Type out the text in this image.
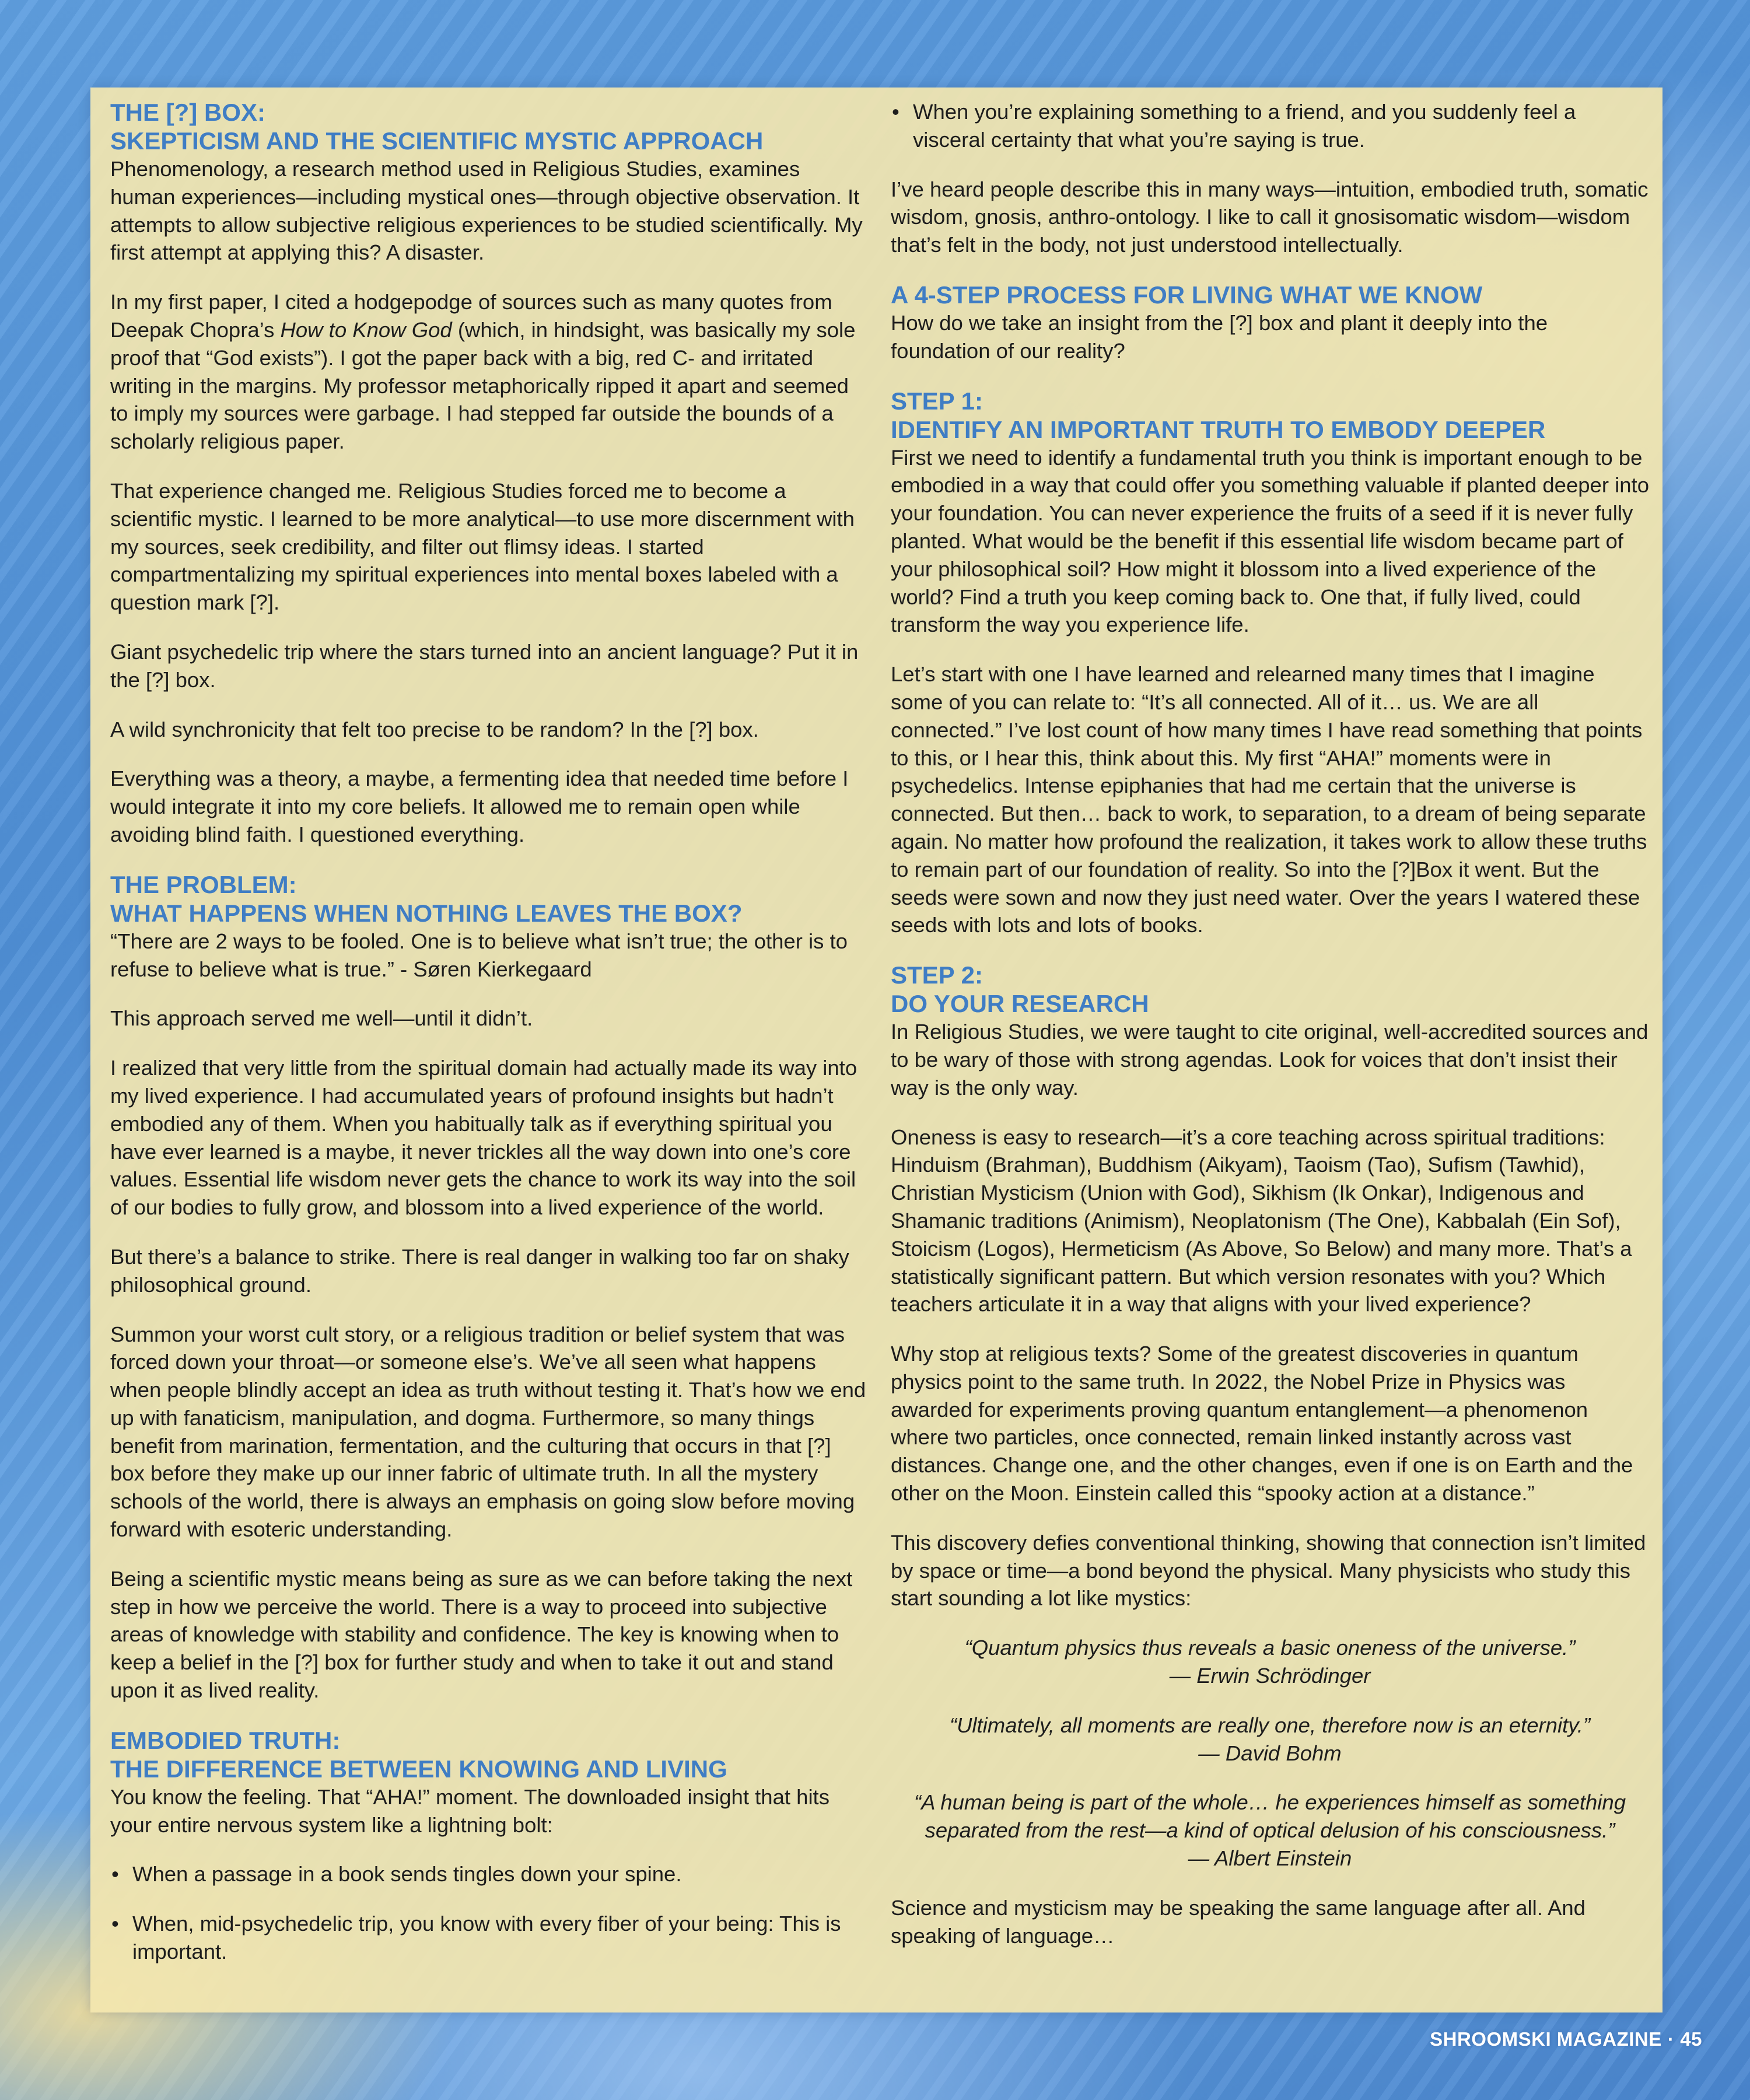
THE [?] BOX:
SKEPTICISM AND THE SCIENTIFIC MYSTIC APPROACH

Phenomenology, a research method used in Religious Studies, examines human experiences—including mystical ones—through objective observation. It attempts to allow subjective religious experiences to be studied scientifically. My first attempt at applying this? A disaster.

In my first paper, I cited a hodgepodge of sources such as many quotes from Deepak Chopra’s How to Know God (which, in hindsight, was basically my sole proof that “God exists”). I got the paper back with a big, red C- and irritated writing in the margins. My professor metaphorically ripped it apart and seemed to imply my sources were garbage. I had stepped far outside the bounds of a scholarly religious paper.

That experience changed me. Religious Studies forced me to become a scientific mystic. I learned to be more analytical—to use more discernment with my sources, seek credibility, and filter out flimsy ideas. I started compartmentalizing my spiritual experiences into mental boxes labeled with a question mark [?].

Giant psychedelic trip where the stars turned into an ancient language? Put it in the [?] box.

A wild synchronicity that felt too precise to be random? In the [?] box.

Everything was a theory, a maybe, a fermenting idea that needed time before I would integrate it into my core beliefs. It allowed me to remain open while avoiding blind faith. I questioned everything.

THE PROBLEM:
WHAT HAPPENS WHEN NOTHING LEAVES THE BOX?

“There are 2 ways to be fooled. One is to believe what isn’t true; the other is to refuse to believe what is true.” - Søren Kierkegaard

This approach served me well—until it didn’t.

I realized that very little from the spiritual domain had actually made its way into my lived experience. I had accumulated years of profound insights but hadn’t embodied any of them. When you habitually talk as if everything spiritual you have ever learned is a maybe, it never trickles all the way down into one’s core values. Essential life wisdom never gets the chance to work its way into the soil of our bodies to fully grow, and blossom into a lived experience of the world.

But there’s a balance to strike. There is real danger in walking too far on shaky philosophical ground.

Summon your worst cult story, or a religious tradition or belief system that was forced down your throat—or someone else’s. We’ve all seen what happens when people blindly accept an idea as truth without testing it. That’s how we end up with fanaticism, manipulation, and dogma. Furthermore, so many things benefit from marination, fermentation, and the culturing that occurs in that [?] box before they make up our inner fabric of ultimate truth. In all the mystery schools of the world, there is always an emphasis on going slow before moving forward with esoteric understanding.

Being a scientific mystic means being as sure as we can before taking the next step in how we perceive the world. There is a way to proceed into subjective areas of knowledge with stability and confidence. The key is knowing when to keep a belief in the [?] box for further study and when to take it out and stand upon it as lived reality.

EMBODIED TRUTH:
THE DIFFERENCE BETWEEN KNOWING AND LIVING

You know the feeling. That “AHA!” moment. The downloaded insight that hits your entire nervous system like a lightning bolt:

• When a passage in a book sends tingles down your spine.
• When, mid-psychedelic trip, you know with every fiber of your being: This is important.
• When you’re explaining something to a friend, and you suddenly feel a visceral certainty that what you’re saying is true.

I’ve heard people describe this in many ways—intuition, embodied truth, somatic wisdom, gnosis, anthro-ontology. I like to call it gnosisomatic wisdom—wisdom that’s felt in the body, not just understood intellectually.

A 4-STEP PROCESS FOR LIVING WHAT WE KNOW

How do we take an insight from the [?] box and plant it deeply into the foundation of our reality?

STEP 1:
IDENTIFY AN IMPORTANT TRUTH TO EMBODY DEEPER

First we need to identify a fundamental truth you think is important enough to be embodied in a way that could offer you something valuable if planted deeper into your foundation. You can never experience the fruits of a seed if it is never fully planted. What would be the benefit if this essential life wisdom became part of your philosophical soil? How might it blossom into a lived experience of the world? Find a truth you keep coming back to. One that, if fully lived, could transform the way you experience life.

Let’s start with one I have learned and relearned many times that I imagine some of you can relate to: “It’s all connected. All of it… us. We are all connected.” I’ve lost count of how many times I have read something that points to this, or I hear this, think about this. My first “AHA!” moments were in psychedelics. Intense epiphanies that had me certain that the universe is connected. But then… back to work, to separation, to a dream of being separate again. No matter how profound the realization, it takes work to allow these truths to remain part of our foundation of reality. So into the [?]Box it went. But the seeds were sown and now they just need water. Over the years I watered these seeds with lots and lots of books.

STEP 2:
DO YOUR RESEARCH

In Religious Studies, we were taught to cite original, well-accredited sources and to be wary of those with strong agendas. Look for voices that don’t insist their way is the only way.

Oneness is easy to research—it’s a core teaching across spiritual traditions: Hinduism (Brahman), Buddhism (Aikyam), Taoism (Tao), Sufism (Tawhid), Christian Mysticism (Union with God), Sikhism (Ik Onkar), Indigenous and Shamanic traditions (Animism), Neoplatonism (The One), Kabbalah (Ein Sof), Stoicism (Logos), Hermeticism (As Above, So Below) and many more. That’s a statistically significant pattern. But which version resonates with you? Which teachers articulate it in a way that aligns with your lived experience?

Why stop at religious texts? Some of the greatest discoveries in quantum physics point to the same truth. In 2022, the Nobel Prize in Physics was awarded for experiments proving quantum entanglement—a phenomenon where two particles, once connected, remain linked instantly across vast distances. Change one, and the other changes, even if one is on Earth and the other on the Moon. Einstein called this “spooky action at a distance.”

This discovery defies conventional thinking, showing that connection isn’t limited by space or time—a bond beyond the physical. Many physicists who study this start sounding a lot like mystics:

“Quantum physics thus reveals a basic oneness of the universe.”
— Erwin Schrödinger
“Ultimately, all moments are really one, therefore now is an eternity.”
— David Bohm
“A human being is part of the whole… he experiences himself as something separated from the rest—a kind of optical delusion of his consciousness.”
— Albert Einstein

Science and mysticism may be speaking the same language after all. And speaking of language…

SHROOMSKI MAGAZINE · 45
